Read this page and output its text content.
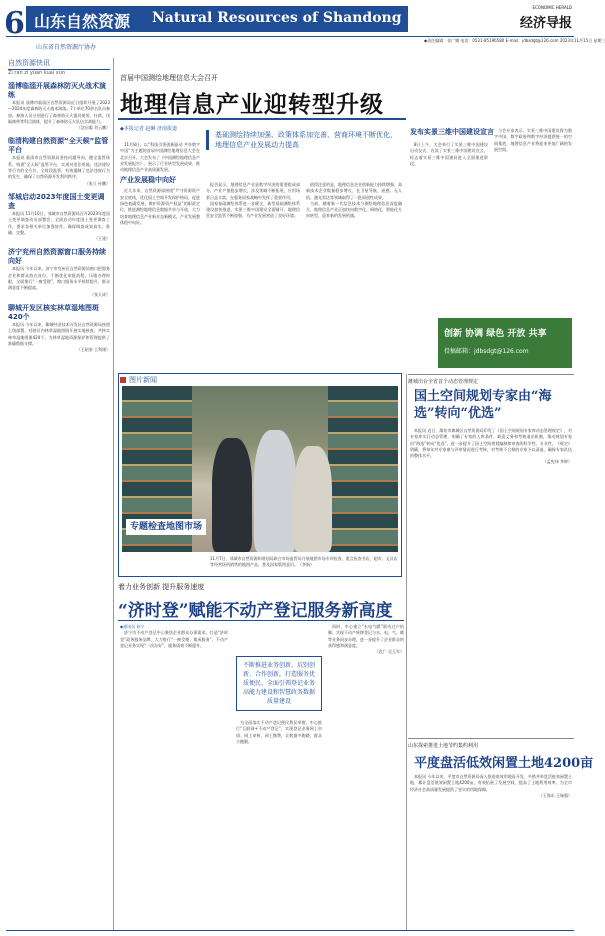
6 山东自然资源 Natural Resources of Shandong
ECONOMIC HERALD
经济导报
山东省自然资源厅协办
◆责任编辑：张广娜 电话：0531-85196580 E-mail：jdbsdgt@126.com 2023年11月15日 星期三
自然资源快讯
Zi ran zi yuan kuai xun
淄博临淄开展森林防灭火战术演练

本报讯 淄博市临淄区自然资源局近日组织开展了2023—2024年度森林防灭火战术演练。7个单位70余名队员参加。参演人员分别进行了森林防灭火器具使用、扑救、伐隔离带等科目演练，提升了森林防灭火队伍实战能力。

（沈启聪 刘云鹏）

临清构建自然资源“全天候”监管平台

本报讯 临清市自然资源局坚持问题导向，健全监管体系，构建“全天候”监管平台，实现对违法用地、违法建设等行为的全方位、全时段监管，有效遏制了违法违规行为的发生，确保了自然资源开发利用秩序。

（张立 孙鹏）

邹城启动2023年度国土变更调查

本报讯 11月10日，邹城市自然资源局召开2023年度国土变更调查动员部署会，全面启动年度国土变更调查工作，要求各相关单位加强协作，确保调查成果真实、准确、完整。

（王建）

济宁兖州自然资源窗口服务持续向好

本报讯 今年以来，济宁市兖州区自然资源局窗口把服务企业和群众放在首位，不断优化审批流程，压缩办理时限，全面推行“一窗受理”，窗口服务水平持续提升，群众满意度不断提高。

（张天成）

聊城开发区核实林草湿地图斑420个

本报讯 今年以来，聊城经济技术开发区自然资源局按照上级部署，对辖区内林草湿地图斑开展实地核查，共核实林草湿地图斑420个，为林草湿地资源保护和管理提供了准确数据支撑。

（王昭奎 王利刚）

首届中国测绘地理信息大会召开
地理信息产业迎转型升级
◆本报记者 赵琳 济南报道

基础测绘持续加强、政策体系加完善、营商环境不断优化，地理信息产业发展动力提高

11月8日，以“科技引领创新驱动 共享数字中国”为主题的首届中国测绘地理信息大会在北京召开。大会发布了《中国测绘地理信息产业发展报告》，展示了行业转型发展成果，推动地理信息产业高质量发展。

产业发展稳中向好

近几年来，自然资源部围绕“严守资源资产安全底线，优化国土空间开发保护格局，促进绿色低碳发展，维护资源资产权益”的职责定位，推进测绘地理信息数据共享与开放，大力培育地理信息产业新业态新模式，产业发展整体稳中向好。

报告显示，地理信息产业是数字经济的重要组成部分，产业产值稳步增长，涉及领域不断拓展，应用场景日益丰富，在服务国家战略中发挥了重要作用。

国家基础测绘体系进一步健全，新型基础测绘体系建设加快推进，实景三维中国建设全面铺开，地理信息安全监管不断加强，为产业发展营造了良好环境。

值得注意的是，地理信息企业创新能力持续增强，高新技术企业数量稳步增长，在卫星导航、遥感、无人机、激光雷达等领域取得了一批原创性成果。

当前，随着新一代信息技术与测绘地理信息深度融合，地理信息产业正加快向数字化、网络化、智能化方向转型，迎来新的发展机遇。

发布实景三维中国建设宣言

8日上午，大会举行了实景三维中国建设启动仪式，宣读了实景三维中国建设宣言，标志着实景三维中国建设进入全面推进阶段。

与会专家表示，实景三维中国建设将为数字中国、数字政府和数字经济提供统一的空间基底，地理信息产业将迎来更加广阔的发展空间。

创新 协调 绿色 开放 共享
投稿邮箱：jdbsdgt@126.com
潍城出台全省首个动态管理规定
国土空间规划专家由“海选”转向“优选”

本报讯 近日，潍坊市潍城区自然资源局印发了《国土空间规划专家库动态管理规定》，对专家库实行动态管理，明确了专家的入库条件、职责义务和考核退出机制，推动规划专家由“海选”转向“优选”，进一步提升了国土空间规划编制和审查的科学性、专业性。《规定》明确，将每年对专家参与评审情况进行考核，对考核不合格的专家予以清退，确保专家队伍的整体水平。

（孟宪伟 李婷）

山东探索推进土地节约集约利用
平度盘活低效闲置土地4200亩

本报讯 今年以来，平度市自然资源局深入推进低效用地再开发，多措并举盘活低效闲置土地，累计盘活低效闲置土地4200亩，有效拓展了发展空间，提高了土地利用效率，为全市经济社会高质量发展提供了坚实的用地保障。

（王海东 王瑞强）

图片新闻
专题检查地图市场
11月7日，邹城市自然资源和规划局联合市场监管局开展地图市场专项检查，重点检查书店、超市、文具店等经营场所销售的地图产品，普及国家版图意识。（李航）
着力业务创新 提升服务速度
“济时登”赋能不动产登记服务新高度

◆通讯员 孙宁

济宁市不动产登记中心聚焦企业群众办事需求，打造“济时登”政务服务品牌，大力推行“一窗受理、集成服务”，不动产登记业务实现“一次办好”，服务质效不断提升。

不断推进业务创新、坑别创新、合作创新，打造服务优质便民、全面引领登记业务高能力建设和智慧政务数据质量建设

为全面落实不动产登记便民利民举措，中心推行“互联网+不动产登记”，实现登记业务网上申请、网上审核、网上缴费，让数据多跑路，群众少跑腿。

同时，中心建立“水电气暖”联动过户机制，实现不动产转移登记与水、电、气、暖等业务同步办理，进一步提升了企业群众的获得感和满意度。

（段广 吴玉军）
